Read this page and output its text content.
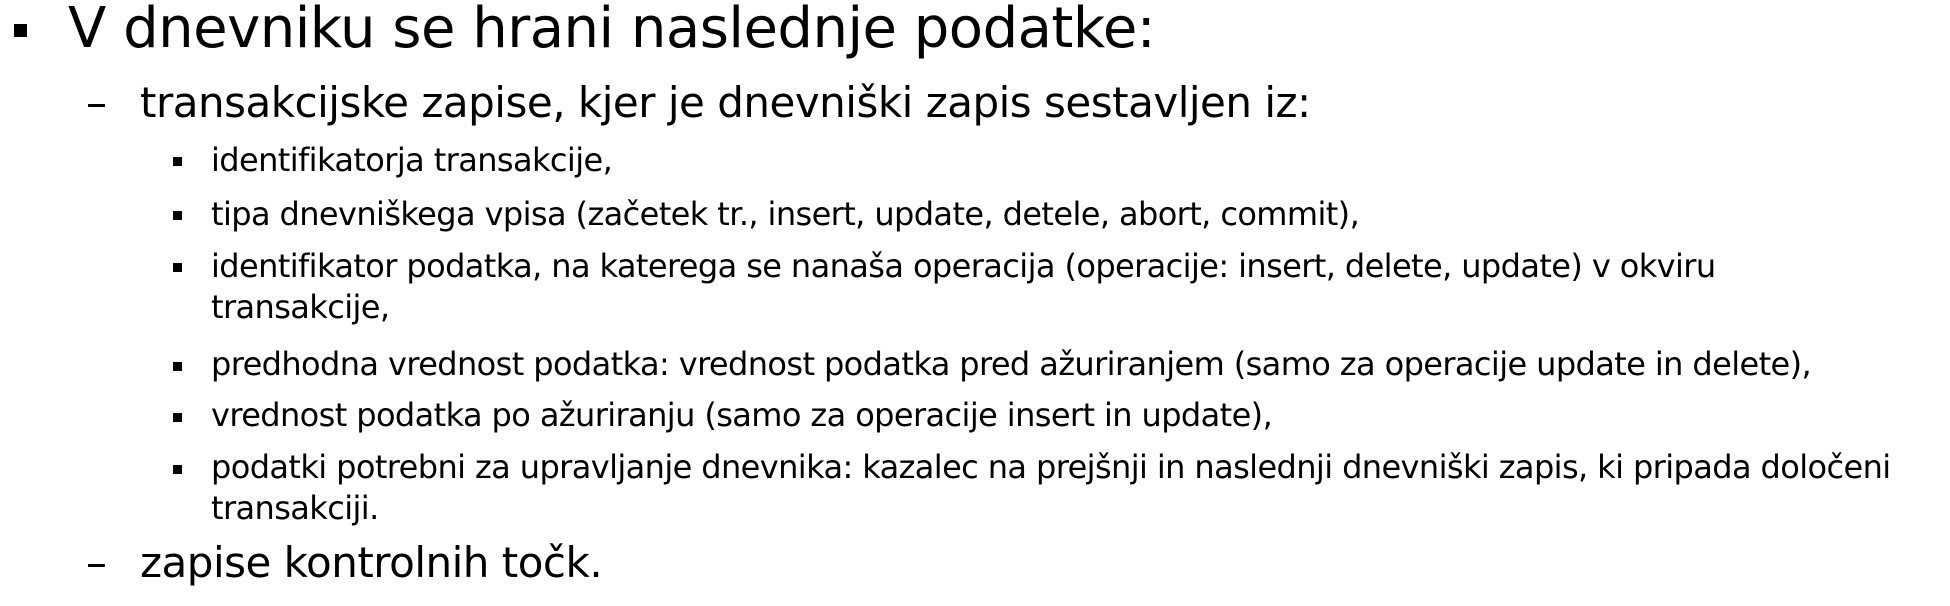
V dnevniku se hrani naslednje podatke:
– transakcijske zapise, kjer je dnevniški zapis sestavljen iz:
identifikatorja transakcije,
tipa dnevniškega vpisa (začetek tr., insert, update, detele, abort, commit),
identifikator podatka, na katerega se nanaša operacija (operacije: insert, delete, update) v okviru
transakcije,
predhodna vrednost podatka: vrednost podatka pred ažuriranjem (samo za operacije update in delete),
vrednost podatka po ažuriranju (samo za operacije insert in update),
podatki potrebni za upravljanje dnevnika: kazalec na prejšnji in naslednji dnevniški zapis, ki pripada določeni
transakciji.
– zapise kontrolnih točk.
